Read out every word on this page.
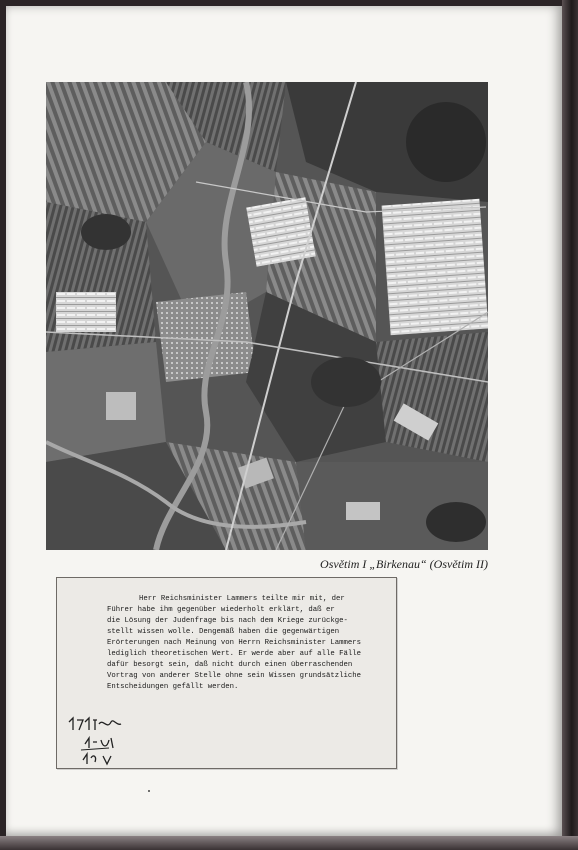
Osvětim I „Birkenau“ (Osvětim II)
Herr Reichsminister Lammers teilte mir mit, der
Führer habe ihm gegenüber wiederholt erklärt, daß er
die Lösung der Judenfrage bis nach dem Kriege zurückge-
stellt wissen wolle. Dengemäß haben die gegenwärtigen
Erörterungen nach Meinung von Herrn Reichsminister Lammers
lediglich theoretischen Wert. Er werde aber auf alle Fälle
dafür besorgt sein, daß nicht durch einen überraschenden
Vortrag von anderer Stelle ohne sein Wissen grundsätzliche
Entscheidungen gefällt werden.
